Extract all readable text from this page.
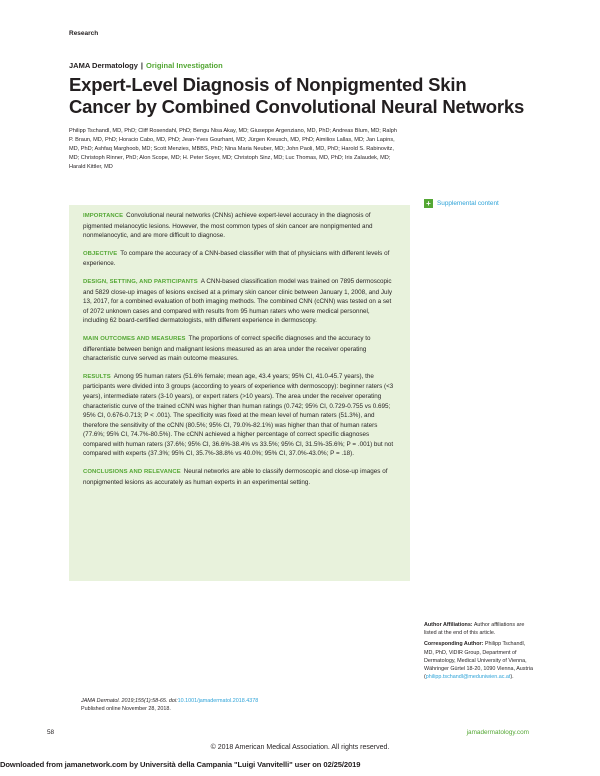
Research
JAMA Dermatology | Original Investigation
Expert-Level Diagnosis of Nonpigmented Skin Cancer by Combined Convolutional Neural Networks
Philipp Tschandl, MD, PhD; Cliff Rosendahl, PhD; Bengu Nisa Akay, MD; Giuseppe Argenziano, MD, PhD; Andreas Blum, MD; Ralph P. Braun, MD, PhD; Horacio Cabo, MD, PhD; Jean-Yves Gourhant, MD; Jürgen Kreusch, MD, PhD; Aimilios Lallas, MD; Jan Lapins, MD, PhD; Ashfaq Marghoob, MD; Scott Menzies, MBBS, PhD; Nina Maria Neuber, MD; John Paoli, MD, PhD; Harold S. Rabinovitz, MD; Christoph Rinner, PhD; Alon Scope, MD; H. Peter Soyer, MD; Christoph Sinz, MD; Luc Thomas, MD, PhD; Iris Zalaudek, MD; Harald Kittler, MD
+ Supplemental content

IMPORTANCE Convolutional neural networks (CNNs) achieve expert-level accuracy in the diagnosis of pigmented melanocytic lesions. However, the most common types of skin cancer are nonpigmented and nonmelanocytic, and are more difficult to diagnose.

OBJECTIVE To compare the accuracy of a CNN-based classifier with that of physicians with different levels of experience.

DESIGN, SETTING, AND PARTICIPANTS A CNN-based classification model was trained on 7895 dermoscopic and 5829 close-up images of lesions excised at a primary skin cancer clinic between January 1, 2008, and July 13, 2017, for a combined evaluation of both imaging methods. The combined CNN (cCNN) was tested on a set of 2072 unknown cases and compared with results from 95 human raters who were medical personnel, including 62 board-certified dermatologists, with different experience in dermoscopy.

MAIN OUTCOMES AND MEASURES The proportions of correct specific diagnoses and the accuracy to differentiate between benign and malignant lesions measured as an area under the receiver operating characteristic curve served as main outcome measures.

RESULTS Among 95 human raters (51.6% female; mean age, 43.4 years; 95% CI, 41.0-45.7 years), the participants were divided into 3 groups (according to years of experience with dermoscopy): beginner raters (<3 years), intermediate raters (3-10 years), or expert raters (>10 years). The area under the receiver operating characteristic curve of the trained cCNN was higher than human ratings (0.742; 95% CI, 0.729-0.755 vs 0.695; 95% CI, 0.676-0.713; P < .001). The specificity was fixed at the mean level of human raters (51.3%), and therefore the sensitivity of the cCNN (80.5%; 95% CI, 79.0%-82.1%) was higher than that of human raters (77.6%; 95% CI, 74.7%-80.5%). The cCNN achieved a higher percentage of correct specific diagnoses compared with human raters (37.6%; 95% CI, 36.6%-38.4% vs 33.5%; 95% CI, 31.5%-35.6%; P = .001) but not compared with experts (37.3%; 95% CI, 35.7%-38.8% vs 40.0%; 95% CI, 37.0%-43.0%; P = .18).

CONCLUSIONS AND RELEVANCE Neural networks are able to classify dermoscopic and close-up images of nonpigmented lesions as accurately as human experts in an experimental setting.

Author Affiliations: Author affiliations are listed at the end of this article.

Corresponding Author: Philipp Tschandl, MD, PhD, ViDIR Group, Department of Dermatology, Medical University of Vienna, Währinger Gürtel 18-20, 1090 Vienna, Austria (philipp.tschandl@meduniwien.ac.at).

JAMA Dermatol. 2019;155(1):58-65. doi:10.1001/jamadermatol.2018.4378
Published online November 28, 2018.
58	jamadermatology.com
© 2018 American Medical Association. All rights reserved.
Downloaded from jamanetwork.com by Università della Campania "Luigi Vanvitelli" user on 02/25/2019
